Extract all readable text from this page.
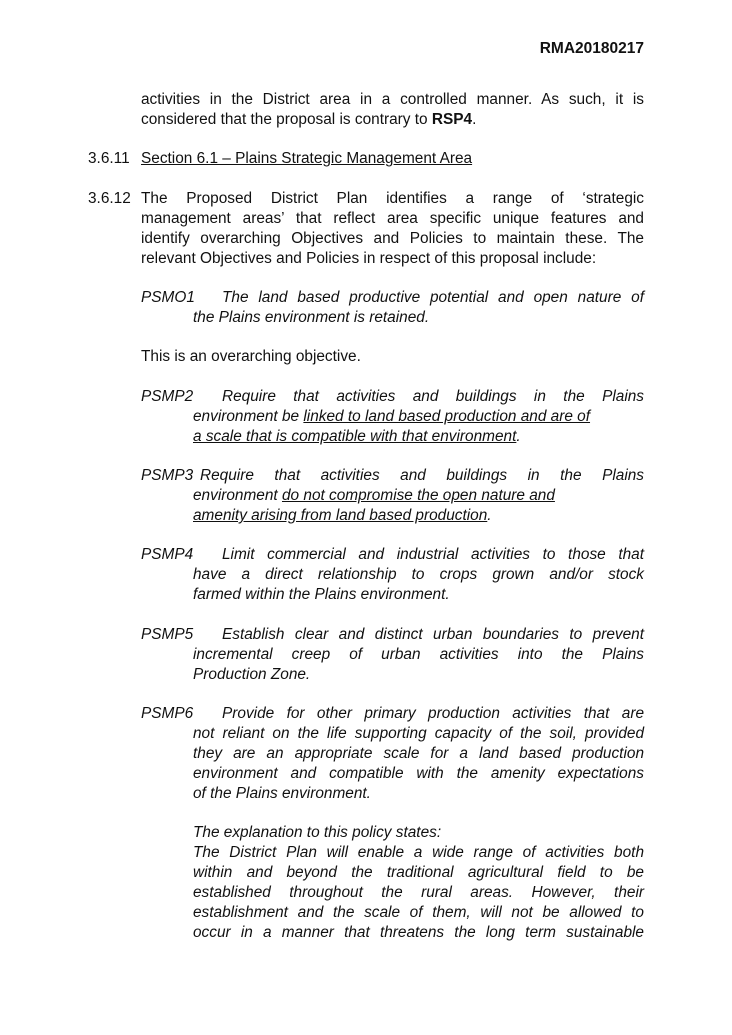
RMA20180217
activities in the District area in a controlled manner. As such, it is
considered that the proposal is contrary to RSP4.
3.6.11 Section 6.1 – Plains Strategic Management Area
3.6.12 The Proposed District Plan identifies a range of ‘strategic
management areas’ that reflect area specific unique features and
identify overarching Objectives and Policies to maintain these. The
relevant Objectives and Policies in respect of this proposal include:
PSMO1 The land based productive potential and open nature of
the Plains environment is retained.
This is an overarching objective.
PSMP2 Require that activities and buildings in the Plains
environment be linked to land based production and are of
a scale that is compatible with that environment.
PSMP3 Require that activities and buildings in the Plains
environment do not compromise the open nature and
amenity arising from land based production.
PSMP4 Limit commercial and industrial activities to those that
have a direct relationship to crops grown and/or stock
farmed within the Plains environment.
PSMP5 Establish clear and distinct urban boundaries to prevent
incremental creep of urban activities into the Plains
Production Zone.
PSMP6 Provide for other primary production activities that are
not reliant on the life supporting capacity of the soil, provided
they are an appropriate scale for a land based production
environment and compatible with the amenity expectations
of the Plains environment.
The explanation to this policy states:
The District Plan will enable a wide range of activities both
within and beyond the traditional agricultural field to be
established throughout the rural areas. However, their
establishment and the scale of them, will not be allowed to
occur in a manner that threatens the long term sustainable
